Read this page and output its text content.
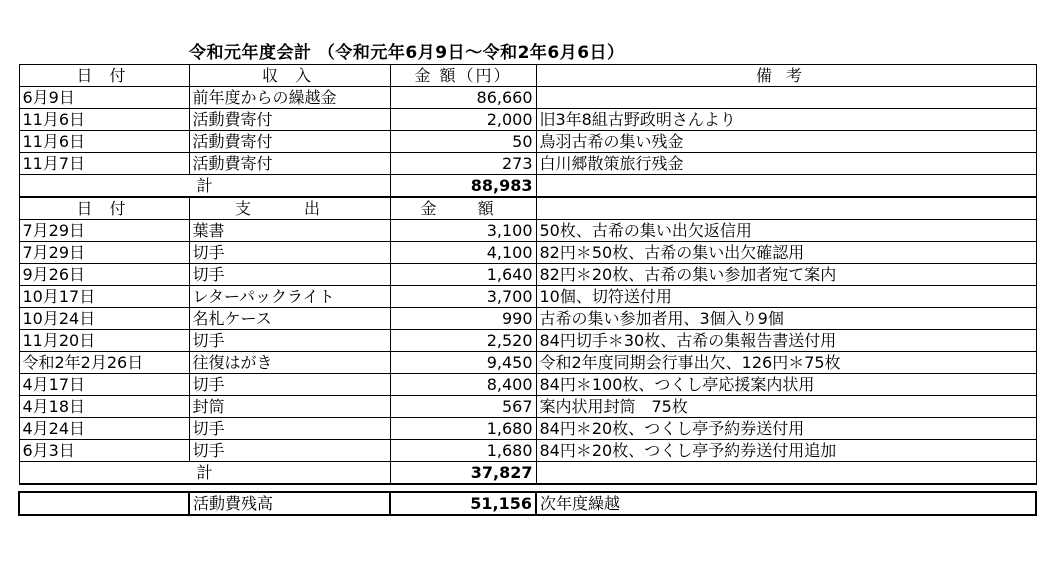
令和元年度会計 （令和元年6月9日～令和2年6月6日）
日 付	収 入	金 額（円）	備考
6月9日	前年度からの繰越金	86,660	
11月6日	活動費寄付	2,000	旧3年8組古野政明さんより
11月6日	活動費寄付	50	鳥羽古希の集い残金
11月7日	活動費寄付	273	白川郷散策旅行残金
計		88,983	
日 付	支 出	金 額	
7月29日	葉書	3,100	50枚、古希の集い出欠返信用
7月29日	切手	4,100	82円＊50枚、古希の集い出欠確認用
9月26日	切手	1,640	82円＊20枚、古希の集い参加者宛て案内
10月17日	レターパックライト	3,700	10個、切符送付用
10月24日	名札ケース	990	古希の集い参加者用、3個入り9個
11月20日	切手	2,520	84円切手＊30枚、古希の集報告書送付用
令和2年2月26日	往復はがき	9,450	令和2年度同期会行事出欠、126円＊75枚
4月17日	切手	8,400	84円＊100枚、つくし亭応援案内状用
4月18日	封筒	567	案内状用封筒　75枚
4月24日	切手	1,680	84円＊20枚、つくし亭予約券送付用
6月3日	切手	1,680	84円＊20枚、つくし亭予約券送付用追加
計		37,827	

	活動費残高	51,156	次年度繰越
